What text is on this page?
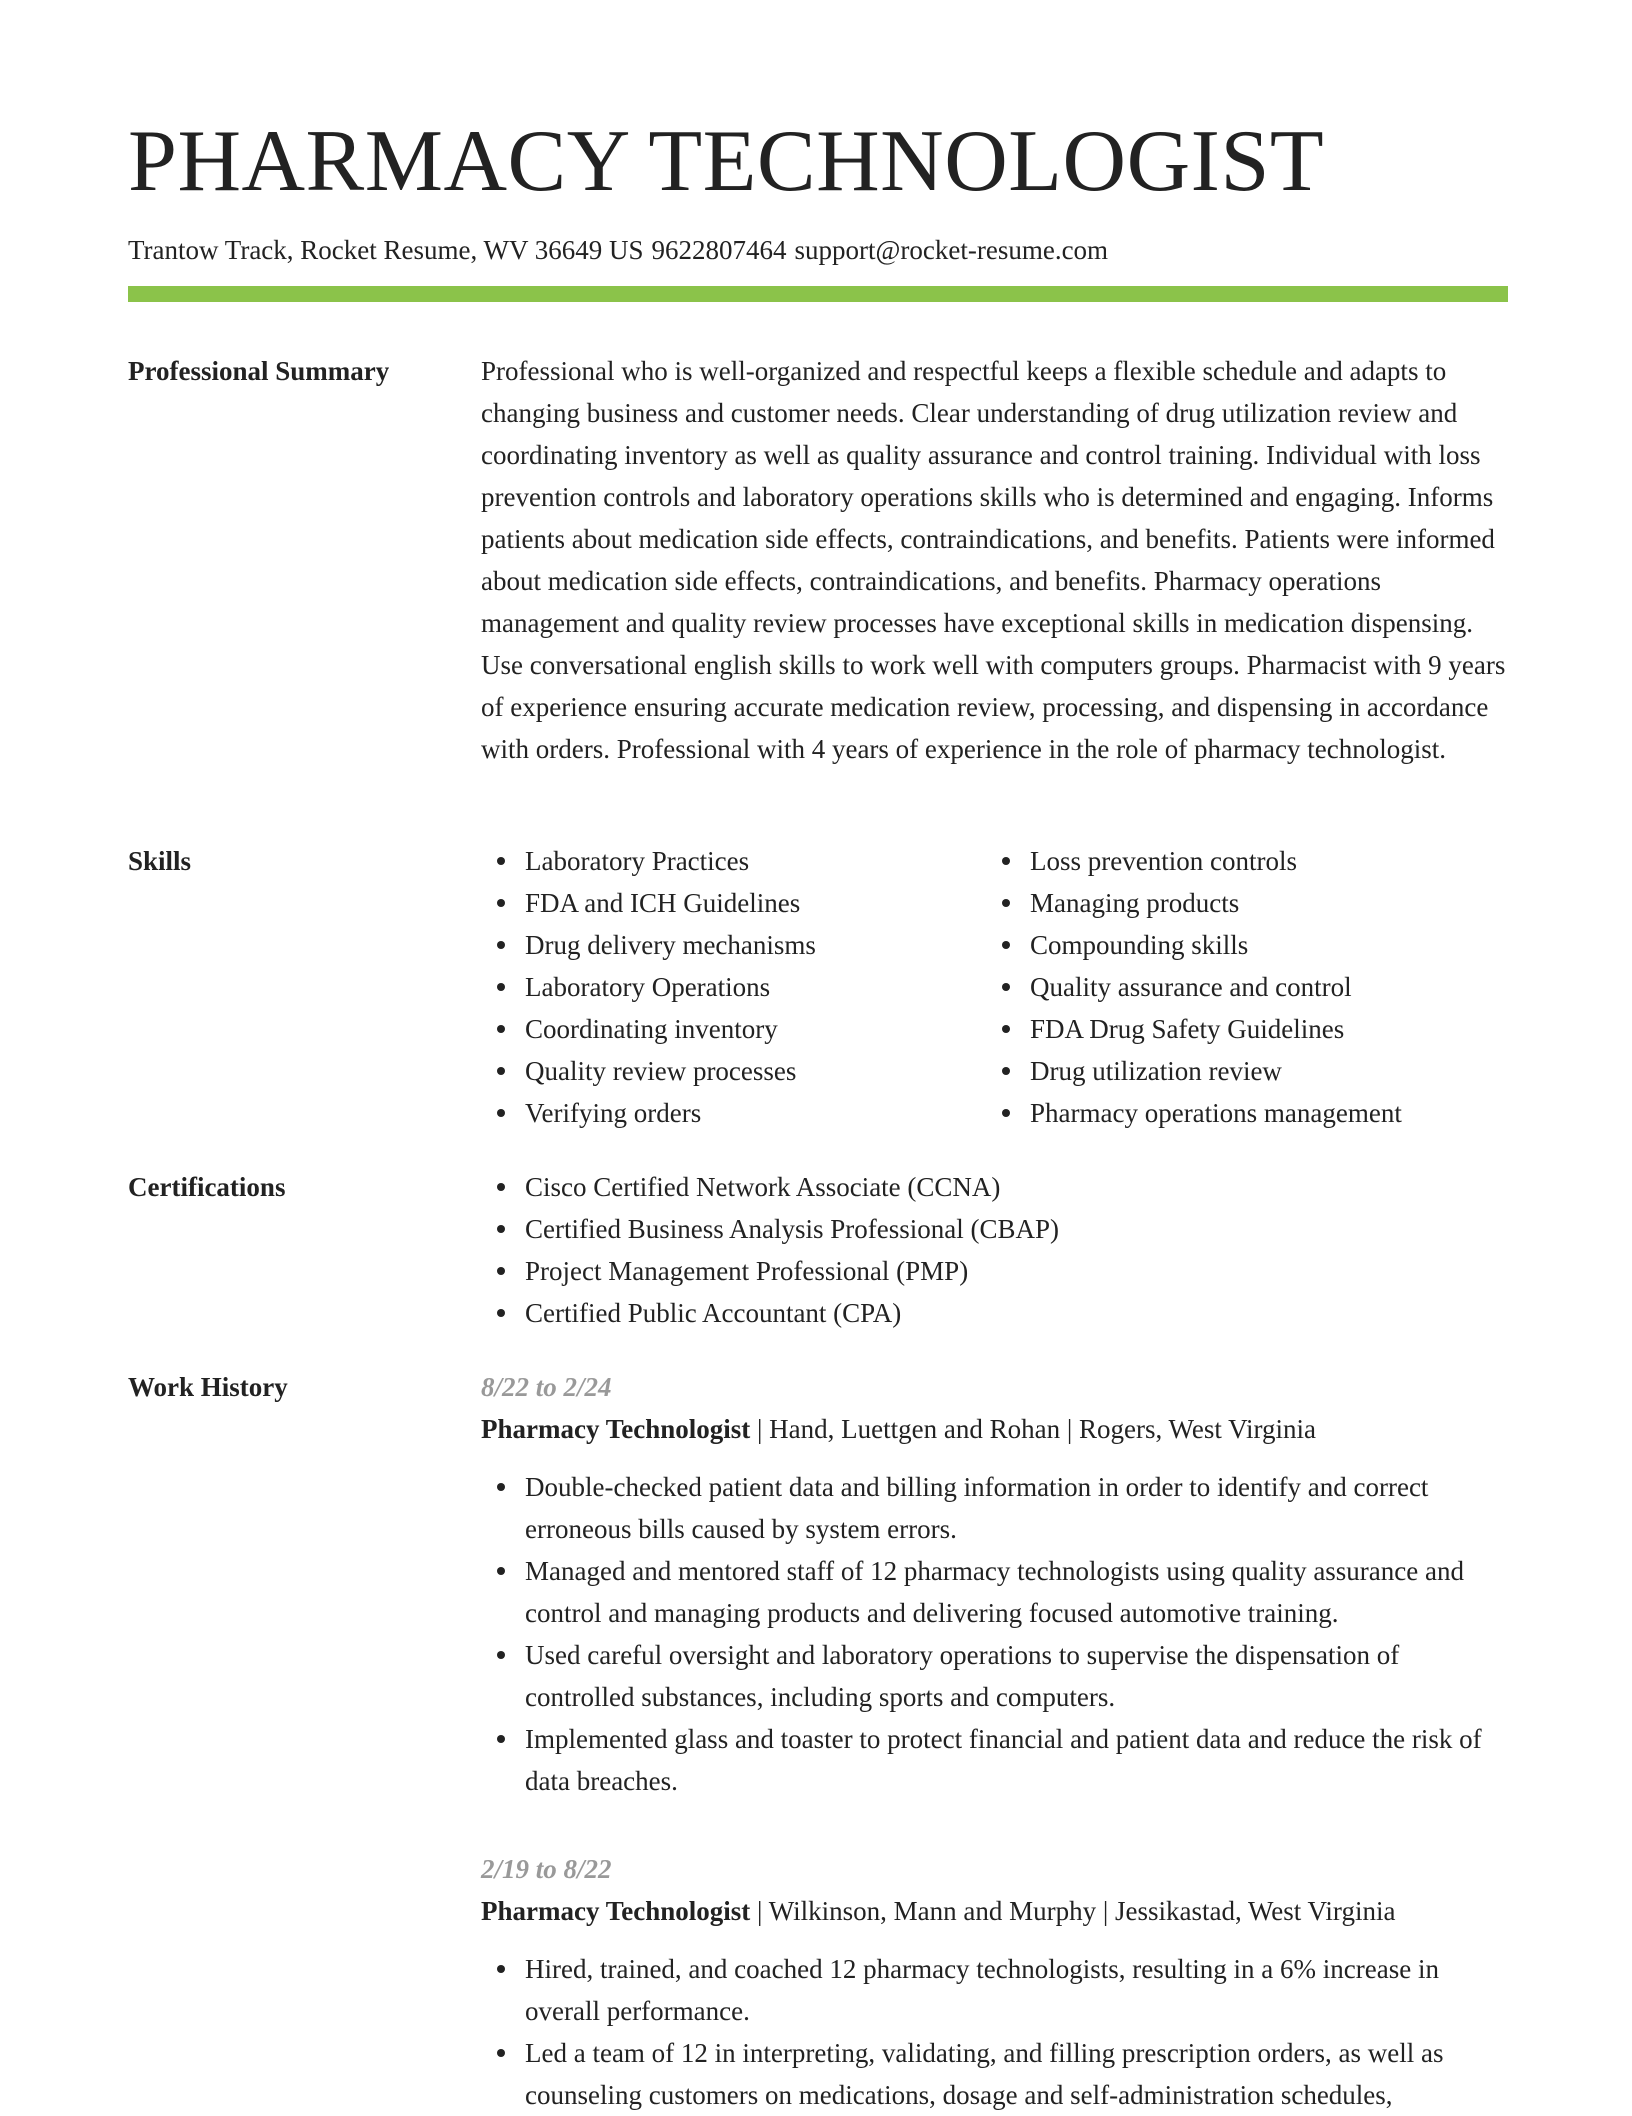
PHARMACY TECHNOLOGIST
Trantow Track, Rocket Resume, WV 36649 US 9622807464 support@rocket-resume.com
Professional Summary	Professional who is well-organized and respectful keeps a flexible schedule and adapts to changing business and customer needs. Clear understanding of drug utilization review and coordinating inventory as well as quality assurance and control training. Individual with loss prevention controls and laboratory operations skills who is determined and engaging. Informs patients about medication side effects, contraindications, and benefits. Patients were informed about medication side effects, contraindications, and benefits. Pharmacy operations management and quality review processes have exceptional skills in medication dispensing. Use conversational english skills to work well with computers groups. Pharmacist with 9 years of experience ensuring accurate medication review, processing, and dispensing in accordance with orders. Professional with 4 years of experience in the role of pharmacy technologist.

Skills	Laboratory Practices
FDA and ICH Guidelines
Drug delivery mechanisms
Laboratory Operations
Coordinating inventory
Quality review processes
Verifying orders
Loss prevention controls
Managing products
Compounding skills
Quality assurance and control
FDA Drug Safety Guidelines
Drug utilization review
Pharmacy operations management
Certifications	Cisco Certified Network Associate (CCNA)
Certified Business Analysis Professional (CBAP)
Project Management Professional (PMP)
Certified Public Accountant (CPA)
Work History	8/22 to 2/24
Pharmacy Technologist | Hand, Luettgen and Rohan | Rogers, West Virginia
Double-checked patient data and billing information in order to identify and correct erroneous bills caused by system errors.
Managed and mentored staff of 12 pharmacy technologists using quality assurance and control and managing products and delivering focused automotive training.
Used careful oversight and laboratory operations to supervise the dispensation of controlled substances, including sports and computers.
Implemented glass and toaster to protect financial and patient data and reduce the risk of data breaches.
2/19 to 8/22
Pharmacy Technologist | Wilkinson, Mann and Murphy | Jessikastad, West Virginia
Hired, trained, and coached 12 pharmacy technologists, resulting in a 6% increase in overall performance.
Led a team of 12 in interpreting, validating, and filling prescription orders, as well as counseling customers on medications, dosage and self-administration schedules,
